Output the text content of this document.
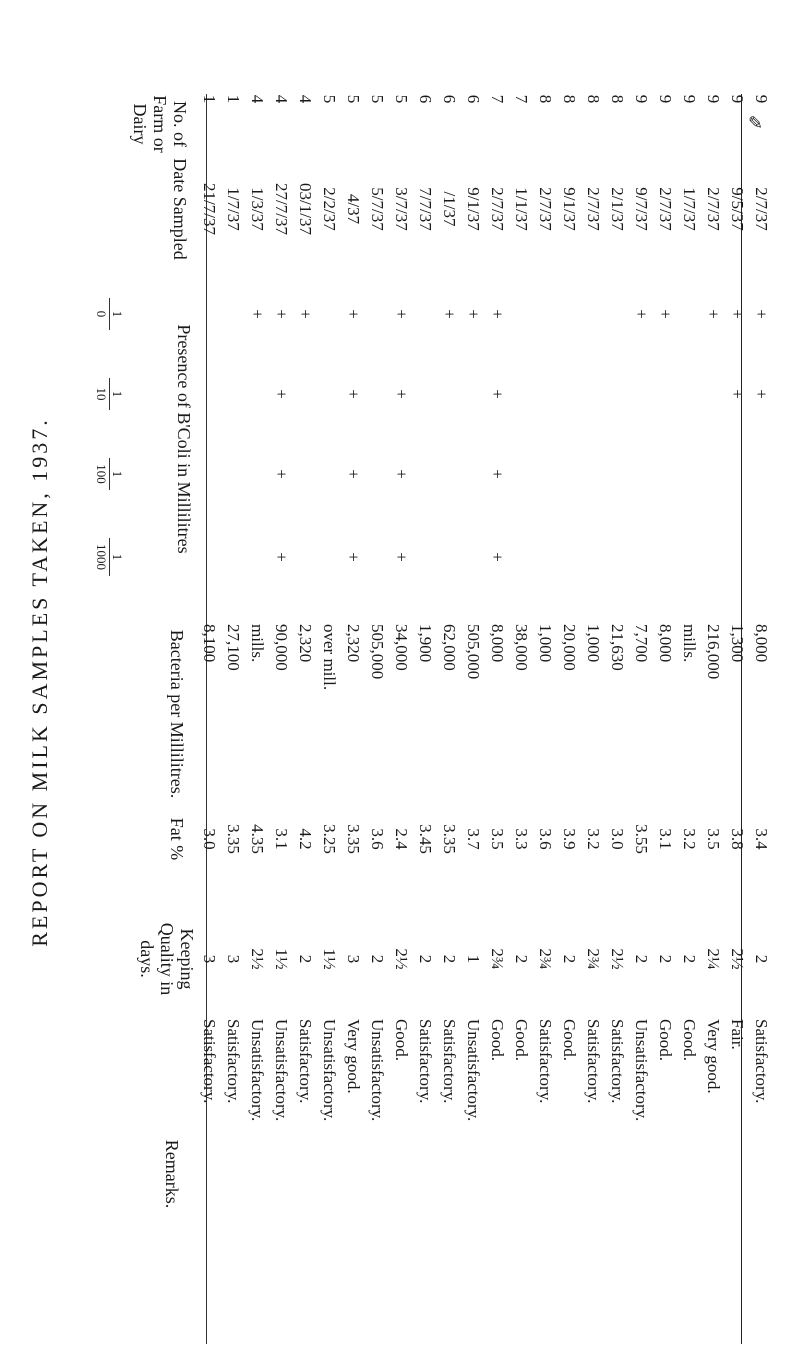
REPORT ON MILK SAMPLES TAKEN, 1937.
No. of Farm or Dairy
Date Sampled
Presence of B'Coli in Millilitres
1
0
1
10
1
100
1
1000
Bacteria per Millilitres.
Fat %
Keeping Quality in days.
Remarks.
1
21/7/37
8,100
3.0
3
Satisfactory.
1
1/7/37
27,100
3.35
3
Satisfactory.
4
1/3/37
+
mills.
4.35
2½
Unsatisfactory.
4
27/7/37
+
+
+
+
90,000
3.1
1½
Unsatisfactory.
4
03/1/37
+
2,320
4.2
2
Satisfactory.
5
2/2/37
over mill.
3.25
1½
Unsatisfactory.
5
4/37
+
+
+
+
2,320
3.35
3
Very good.
5
5/7/37
505,000
3.6
2
Unsatisfactory.
5
3/7/37
+
+
+
+
34,000
2.4
2½
Good.
6
7/7/37
1,900
3.45
2
Satisfactory.
6
/1/37
+
62,000
3.35
2
Satisfactory.
6
9/1/37
+
505,000
3.7
1
Unsatisfactory.
7
2/7/37
+
+
+
+
8,000
3.5
2¾
Good.
7
1/1/37
38,000
3.3
2
Good.
8
2/7/37
1,000
3.6
2¾
Satisfactory.
8
9/1/37
20,000
3.9
2
Good.
8
2/7/37
1,000
3.2
2¾
Satisfactory.
8
2/1/37
21,630
3.0
2½
Satisfactory.
9
9/7/37
+
7,700
3.55
2
Unsatisfactory.
9
2/7/37
+
8,000
3.1
2
Good.
9
1/7/37
mills.
3.2
2
Good.
9
2/7/37
+
216,000
3.5
2¼
Very good.
9
9/5/37
+
+
1,300
3.8
2½
Fair.
9
2/7/37
+
+
8,000
3.4
2
Satisfactory.
✎
